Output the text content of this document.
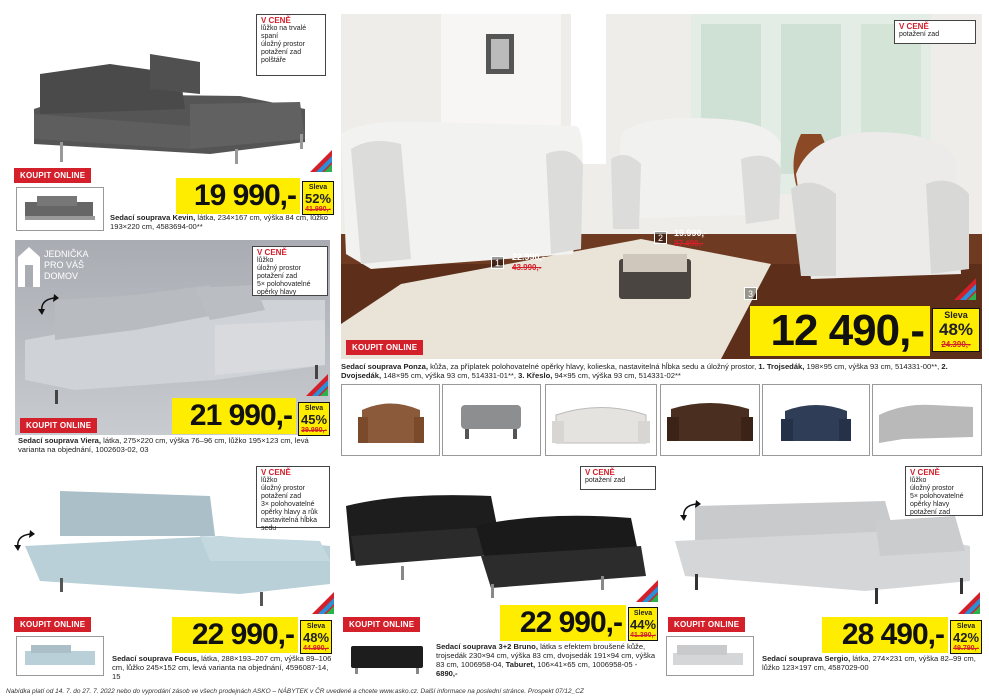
V CENĚ
lůžko na trvalé
spaní
úložný prostor
potažení zad
polštáře
KOUPIT ONLINE
19 990,-	Sleva
52%
41.990,-
Sedací souprava Kevin, látka, 234×167 cm, výška 84 cm, lůžko 193×220 cm, 4583694-00**
JEDNIČKA
PRO VÁŠ
DOMOV
V CENĚ
lůžko
úložný prostor
potažení zad
5× polohovatelné
opěrky hlavy
KOUPIT ONLINE	21 990,-	Sleva
45%
39.990,-
Sedací souprava Viera, látka, 275×220 cm, výška 76–96 cm, lůžko 195×123 cm, levá varianta na objednání, 1002603-02, 03
V CENĚ
potažení zad
1
22.990,-
43.990,-
2	19.990,-
37.490,-
3
KOUPIT ONLINE	12 490,-	Sleva
48%
24.390,-
Sedací souprava Ponza, kůža, za příplatek polohovatelné opěrky hlavy, kolieska, nastavitelná hĺbka sedu a úložný prostor, 1. Trojsedák, 198×95 cm, výška 93 cm, 514331-00**, 2. Dvojsedák, 148×95 cm, výška 93 cm, 514331-01**, 3. Křeslo, 94×95 cm, výška 93 cm, 514331-02**
V CENĚ
lůžko
úložný prostor
potažení zad
3× polohovatelné
opěrky hlavy a růk
nastavitelná hĺbka
sedu
KOUPIT ONLINE	22 990,-	Sleva
48%
44.990,-
Sedací souprava Focus, látka, 288×193–207 cm, výška 89–106 cm, lůžko 245×152 cm, levá varianta na objednání, 4596087-14, 15
V CENĚ
potažení zad
KOUPIT ONLINE	22 990,-	Sleva
44%
41.390,-
Sedací souprava 3+2 Bruno, látka s efektem broušené kůže, trojsedák 230×94 cm, výška 83 cm, dvojsedák 191×94 cm, výška 83 cm, 1006958-04, Taburet, 106×41×65 cm, 1006958-05 - 6890,-
V CENĚ
lůžko
úložný prostor
5× polohovatelné
opěrky hlavy
potažení zad
KOUPIT ONLINE	28 490,-	Sleva
42%
49.790,-
Sedací souprava Sergio, látka, 274×231 cm, výška 82–99 cm, lůžko 123×197 cm, 4587029-00
Nabídka platí od 14. 7. do 27. 7. 2022 nebo do vyprodání zásob ve všech prodejnách ASKO – NÁBYTEK v ČR uvedené a chcete www.asko.cz. Další informace na poslední stránce. Prospekt 07/12_CZ
